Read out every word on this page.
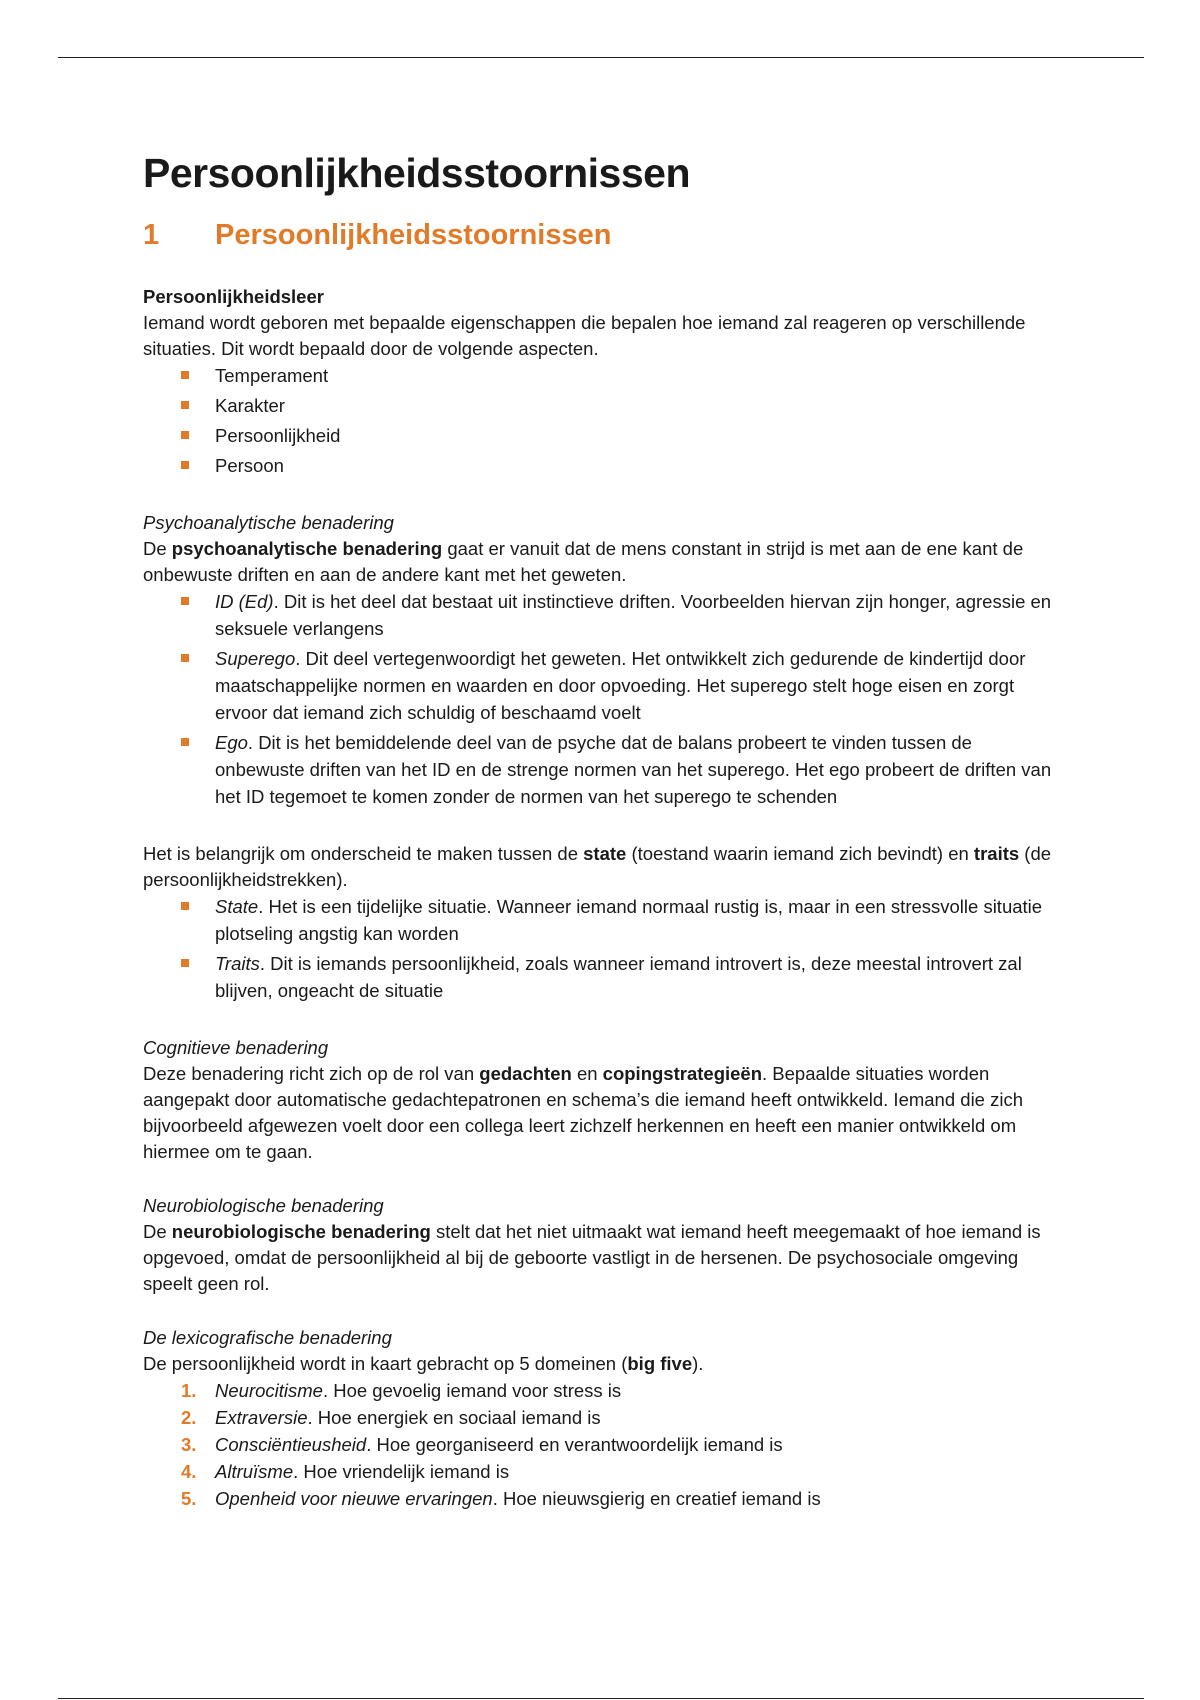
Persoonlijkheidsstoornissen
1	Persoonlijkheidsstoornissen

Persoonlijkheidsleer

Iemand wordt geboren met bepaalde eigenschappen die bepalen hoe iemand zal reageren op verschillende situaties. Dit wordt bepaald door de volgende aspecten.

Temperament
Karakter
Persoonlijkheid
Persoon

Psychoanalytische benadering

De psychoanalytische benadering gaat er vanuit dat de mens constant in strijd is met aan de ene kant de onbewuste driften en aan de andere kant met het geweten.

ID (Ed). Dit is het deel dat bestaat uit instinctieve driften. Voorbeelden hiervan zijn honger, agressie en seksuele verlangens
Superego. Dit deel vertegenwoordigt het geweten. Het ontwikkelt zich gedurende de kindertijd door maatschappelijke normen en waarden en door opvoeding. Het superego stelt hoge eisen en zorgt ervoor dat iemand zich schuldig of beschaamd voelt
Ego. Dit is het bemiddelende deel van de psyche dat de balans probeert te vinden tussen de onbewuste driften van het ID en de strenge normen van het superego. Het ego probeert de driften van het ID tegemoet te komen zonder de normen van het superego te schenden

Het is belangrijk om onderscheid te maken tussen de state (toestand waarin iemand zich bevindt) en traits (de persoonlijkheidstrekken).

State. Het is een tijdelijke situatie. Wanneer iemand normaal rustig is, maar in een stressvolle situatie plotseling angstig kan worden
Traits. Dit is iemands persoonlijkheid, zoals wanneer iemand introvert is, deze meestal introvert zal blijven, ongeacht de situatie

Cognitieve benadering

Deze benadering richt zich op de rol van gedachten en copingstrategieën. Bepaalde situaties worden aangepakt door automatische gedachtepatronen en schema’s die iemand heeft ontwikkeld. Iemand die zich bijvoorbeeld afgewezen voelt door een collega leert zichzelf herkennen en heeft een manier ontwikkeld om hiermee om te gaan.

Neurobiologische benadering

De neurobiologische benadering stelt dat het niet uitmaakt wat iemand heeft meegemaakt of hoe iemand is opgevoed, omdat de persoonlijkheid al bij de geboorte vastligt in de hersenen. De psychosociale omgeving speelt geen rol.

De lexicografische benadering

De persoonlijkheid wordt in kaart gebracht op 5 domeinen (big five).

1. Neurocitisme. Hoe gevoelig iemand voor stress is
2. Extraversie. Hoe energiek en sociaal iemand is
3. Consciëntieusheid. Hoe georganiseerd en verantwoordelijk iemand is
4. Altruïsme. Hoe vriendelijk iemand is
5. Openheid voor nieuwe ervaringen. Hoe nieuwsgierig en creatief iemand is
